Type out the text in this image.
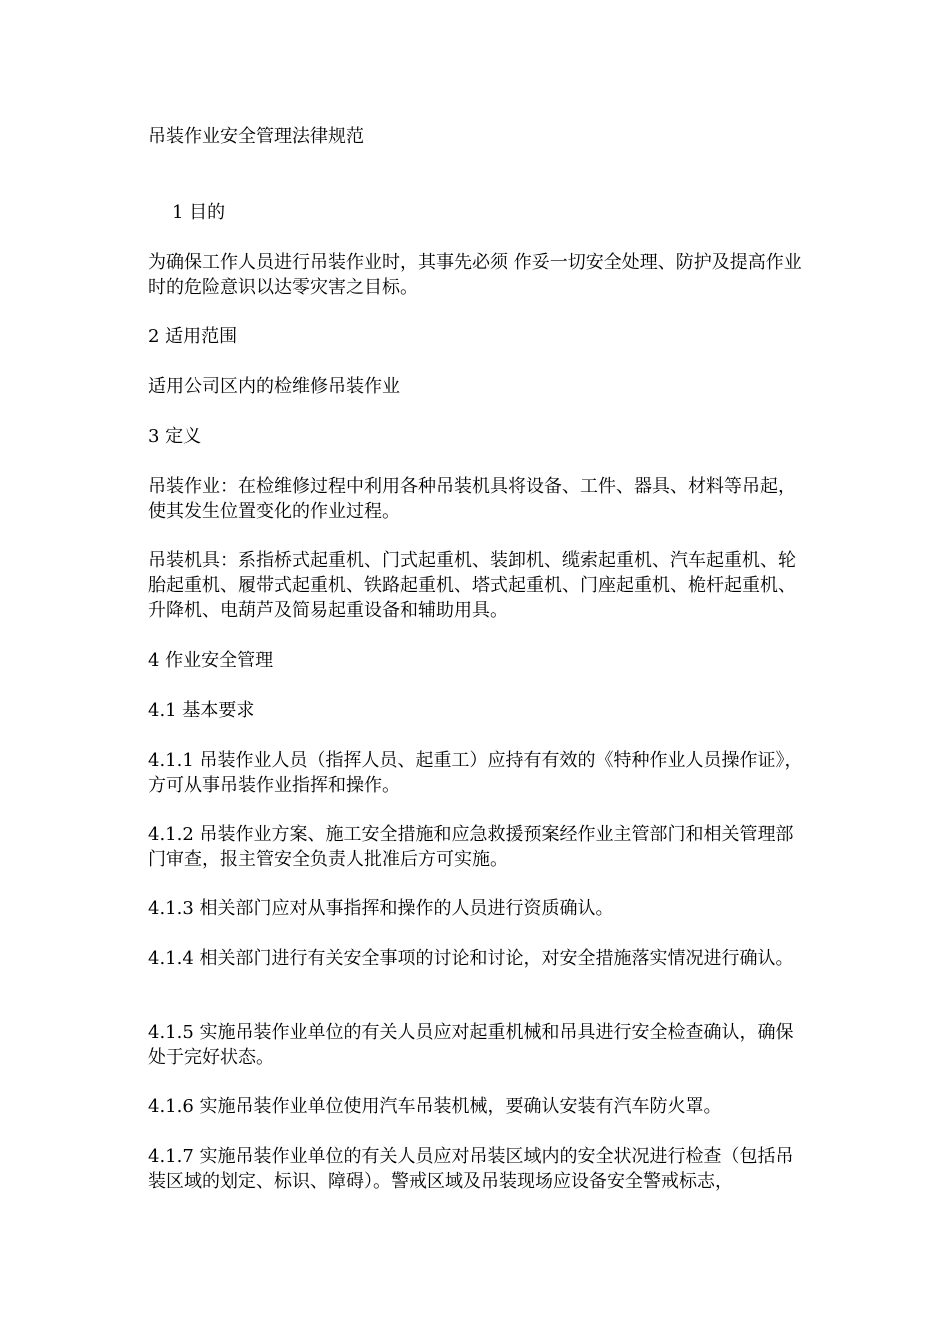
吊装作业安全管理法律规范
1 目的
为确保工作人员进行吊装作业时，其事先必须 作妥一切安全处理、防护及提高作业时的危险意识以达零灾害之目标。
2 适用范围
适用公司区内的检维修吊装作业
3 定义
吊装作业：在检维修过程中利用各种吊装机具将设备、工件、器具、材料等吊起，使其发生位置变化的作业过程。
吊装机具：系指桥式起重机、门式起重机、装卸机、缆索起重机、汽车起重机、轮胎起重机、履带式起重机、铁路起重机、塔式起重机、门座起重机、桅杆起重机、升降机、电葫芦及简易起重设备和辅助用具。
4 作业安全管理
4.1 基本要求
4.1.1 吊装作业人员（指挥人员、起重工）应持有有效的《特种作业人员操作证》，方可从事吊装作业指挥和操作。
4.1.2 吊装作业方案、施工安全措施和应急救援预案经作业主管部门和相关管理部门审查，报主管安全负责人批准后方可实施。
4.1.3 相关部门应对从事指挥和操作的人员进行资质确认。
4.1.4 相关部门进行有关安全事项的讨论和讨论，对安全措施落实情况进行确认。
4.1.5 实施吊装作业单位的有关人员应对起重机械和吊具进行安全检查确认，确保处于完好状态。
4.1.6 实施吊装作业单位使用汽车吊装机械，要确认安装有汽车防火罩。
4.1.7 实施吊装作业单位的有关人员应对吊装区域内的安全状况进行检查（包括吊装区域的划定、标识、障碍）。警戒区域及吊装现场应设备安全警戒标志，
